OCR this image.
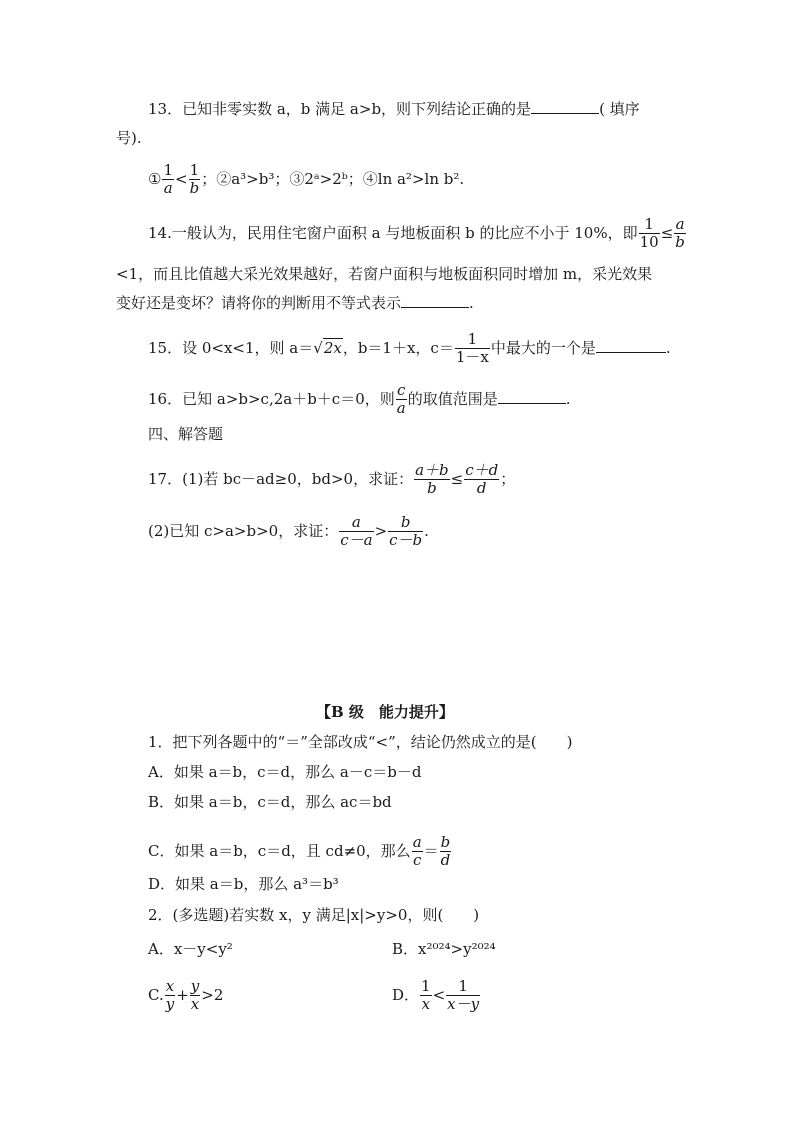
13．已知非零实数 a，b 满足 a>b，则下列结论正确的是	( 填序
号).
① $\frac{1}{a} < \frac{1}{b}$ ；②a³>b³；③2ᵃ>2ᵇ；④ln a²>ln b².
14.一般认为，民用住宅窗户面积 a 与地板面积 b 的比应不小于 10%，即 $\frac{1}{10} \le \frac{a}{b}$
<1，而且比值越大采光效果越好，若窗户面积与地板面积同时增加 m，采光效果
变好还是变坏？请将你的判断用不等式表示	.
15．设 0<x<1，则 a＝√2x，b＝1＋x，$c= \frac{1}{1-x}$ 中最大的一个是	.
16．已知 a>b>c,2a＋b＋c＝0，则 $\frac{c}{a}$ 的取值范围是	.
四、解答题
17．(1)若 bc－ad≥0，bd>0，求证： $\frac{a+b}{b} \le \frac{c+d}{d}$ ；
(2)已知 c>a>b>0，求证： $\frac{a}{c-a} > \frac{b}{c-b}$ .
【B 级　能力提升】
1．把下列各题中的“＝”全部改成“<”，结论仍然成立的是(　　)
A．如果 a＝b，c＝d，那么 a－c＝b－d
B．如果 a＝b，c＝d，那么 ac＝bd
C．如果 a＝b，c＝d，且 cd≠0，那么 $\frac{a}{c} = \frac{b}{d}$
D．如果 a＝b，那么 a³＝b³
2．(多选题)若实数 x，y 满足|x|>y>0，则(　　)
A．x－y<y²	B．x²⁰²⁴>y²⁰²⁴
C. $\frac{x}{y} + \frac{y}{x} >2$	D． $\frac{1}{x} < \frac{1}{x-y}$
